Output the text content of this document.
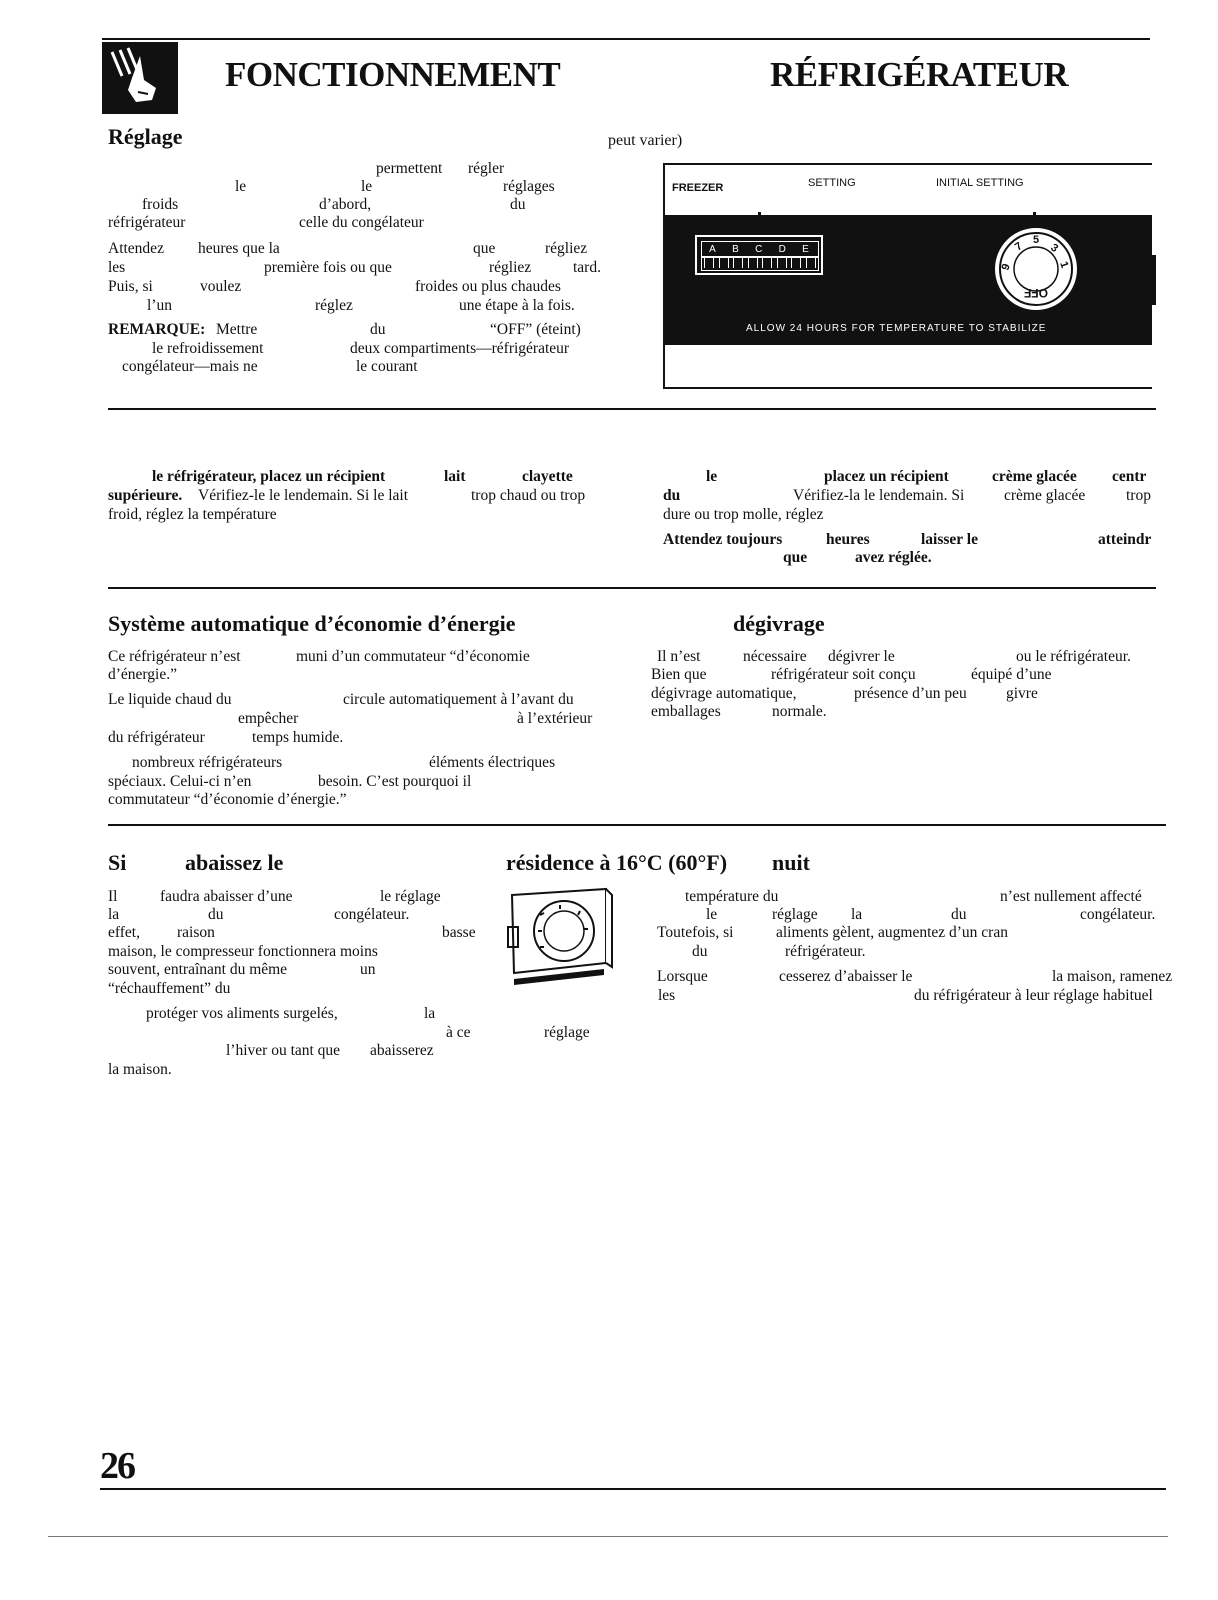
FONCTIONNEMENT	RÉFRIGÉRATEUR
Réglage	peut varier)
permettent régler
le	le	réglages
froids	d’abord,	du
réfrigérateur	celle du congélateur
Attendez heures que la	que	régliez
les	première fois ou que	régliez	tard.
Puis, si	voulez	froides ou plus chaudes
l’un	réglez	une étape à la fois.
REMARQUE: Mettre	du	“OFF” (éteint)
le refroidissement	deux compartiments—réfrigérateur
congélateur—mais ne	le courant
FREEZER	SETTING	INITIAL SETTING
A B C D E
9
7
5
3
1
OFF
ALLOW 24 HOURS FOR TEMPERATURE TO STABILIZE
le réfrigérateur, placez un récipient	lait	clayette
supérieure. Vérifiez-le le lendemain. Si le lait	trop chaud ou trop
froid, réglez la température
le	placez un récipient	crème glacée centr
du	Vérifiez-la le lendemain. Si	crème glacée	trop
dure ou trop molle, réglez
Attendez toujours	heures	laisser le	atteindr
que	avez réglée.
Système automatique d’économie d’énergie
Ce réfrigérateur n’est	muni d’un commutateur “d’économie
d’énergie.”
Le liquide chaud du	circule automatiquement à l’avant du
empêcher	à l’extérieur
du réfrigérateur	temps humide.
nombreux réfrigérateurs	éléments électriques
spéciaux. Celui-ci n’en	besoin. C’est pourquoi il
commutateur “d’économie d’énergie.”
dégivrage
Il n’est	nécessaire dégivrer le	ou le réfrigérateur.
Bien que	réfrigérateur soit conçu	équipé d’une
dégivrage automatique,	présence d’un peu	givre
emballages	normale.
Si	abaissez le	résidence à 16°C (60°F) nuit
Il	faudra abaisser d’une	le réglage
la	du	congélateur.
effet, raison	basse
maison, le compresseur fonctionnera moins
souvent, entraînant du même	un
“réchauffement” du
protéger vos aliments surgelés,	la
à ce	réglage
l’hiver ou tant que abaisserez
la maison.
température du	n’est nullement affecté
le	réglage la	du	congélateur.
Toutefois, si	aliments gèlent, augmentez d’un cran
du	réfrigérateur.
Lorsque	cesserez d’abaisser le	la maison, ramenez
les	du réfrigérateur à leur réglage habituel
26
